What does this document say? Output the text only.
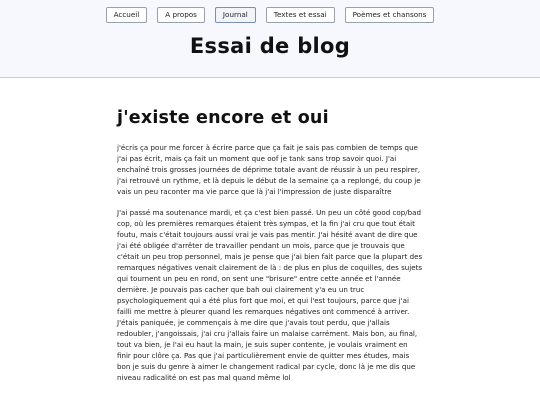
Accueil	A propos	Journal	Textes et essai	Poèmes et chansons
Essai de blog
j'existe encore et oui

j'écris ça pour me forcer à écrire parce que ça fait je sais pas combien de temps que j'ai pas écrit, mais ça fait un moment que oof je tank sans trop savoir quoi. J'ai enchaîné trois grosses journées de déprime totale avant de réussir à un peu respirer, j'ai retrouvé un rythme, et là depuis le début de la semaine ça a replongé, du coup je vais un peu raconter ma vie parce que là j'ai l'impression de juste disparaître

J'ai passé ma soutenance mardi, et ça c'est bien passé. Un peu un côté good cop/bad cop, où les premières remarques étaient très sympas, et la fin j'ai cru que tout était foutu, mais c'était toujours aussi vrai je vais pas mentir. J'ai hésité avant de dire que j'ai été obligée d'arrêter de travailler pendant un mois, parce que je trouvais que c'était un peu trop personnel, mais je pense que j'ai bien fait parce que la plupart des remarques négatives venait clairement de là : de plus en plus de coquilles, des sujets qui tournent un peu en rond, on sent une "brisure" entre cette année et l'année dernière. Je pouvais pas cacher que bah oui clairement y'a eu un truc psychologiquement qui a été plus fort que moi, et qui l'est toujours, parce que j'ai failli me mettre à pleurer quand les remarques négatives ont commencé à arriver. J'étais paniquée, je commençais à me dire que j'avais tout perdu, que j'allais redoubler, j'angoissais, j'ai cru j'allais faire un malaise carrément. Mais bon, au final, tout va bien, je l'ai eu haut la main, je suis super contente, je voulais vraiment en finir pour clôre ça. Pas que j'ai particulièrement envie de quitter mes études, mais bon je suis du genre à aimer le changement radical par cycle, donc là je me dis que niveau radicalité on est pas mal quand même lol
